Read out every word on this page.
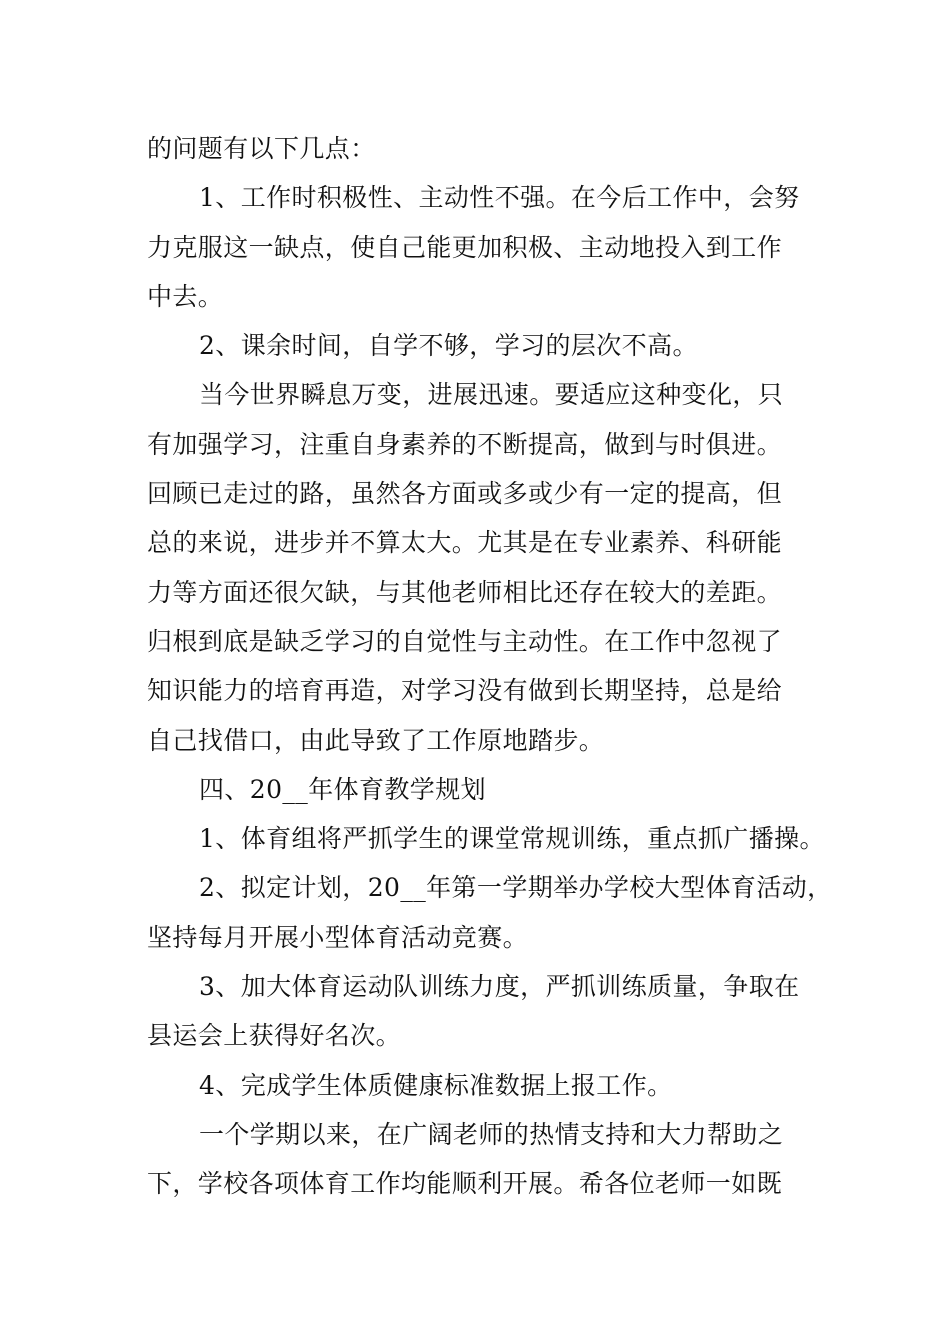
的问题有以下几点：
1、工作时积极性、主动性不强。在今后工作中，会努
力克服这一缺点，使自己能更加积极、主动地投入到工作
中去。
2、课余时间，自学不够，学习的层次不高。
当今世界瞬息万变，进展迅速。要适应这种变化，只
有加强学习，注重自身素养的不断提高，做到与时俱进。
回顾已走过的路，虽然各方面或多或少有一定的提高，但
总的来说，进步并不算太大。尤其是在专业素养、科研能
力等方面还很欠缺，与其他老师相比还存在较大的差距。
归根到底是缺乏学习的自觉性与主动性。在工作中忽视了
知识能力的培育再造，对学习没有做到长期坚持，总是给
自己找借口，由此导致了工作原地踏步。
四、20__年体育教学规划
1、体育组将严抓学生的课堂常规训练，重点抓广播操。
2、拟定计划，20__年第一学期举办学校大型体育活动，
坚持每月开展小型体育活动竞赛。
3、加大体育运动队训练力度，严抓训练质量，争取在
县运会上获得好名次。
4、完成学生体质健康标准数据上报工作。
一个学期以来，在广阔老师的热情支持和大力帮助之
下，学校各项体育工作均能顺利开展。希各位老师一如既
